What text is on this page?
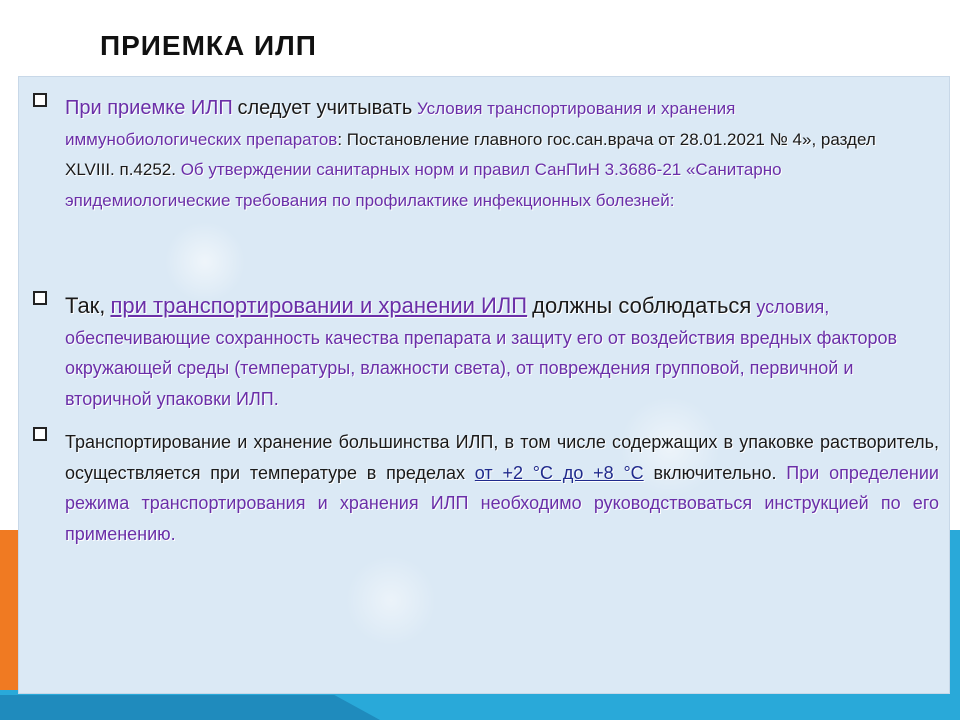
ПРИЕМКА ИЛП

При приемке ИЛП следует учитывать Условия транспортирования и хранения иммунобиологических препаратов: Постановление главного гос.сан.врача от 28.01.2021 № 4», раздел XLVIII. п.4252. Об утверждении санитарных норм и правил СанПиН 3.3686-21 «Санитарно эпидемиологические требования по профилактике инфекционных болезней:

Так, при транспортировании и хранении ИЛП должны соблюдаться условия, обеспечивающие сохранность качества препарата и защиту его от воздействия вредных факторов окружающей среды (температуры, влажности света), от повреждения групповой, первичной и вторичной упаковки ИЛП.

Транспортирование и хранение большинства ИЛП, в том числе содержащих в упаковке растворитель, осуществляется при температуре в пределах от +2 °С до +8 °С включительно. При определении режима транспортирования и хранения ИЛП необходимо руководствоваться инструкцией по его применению.
